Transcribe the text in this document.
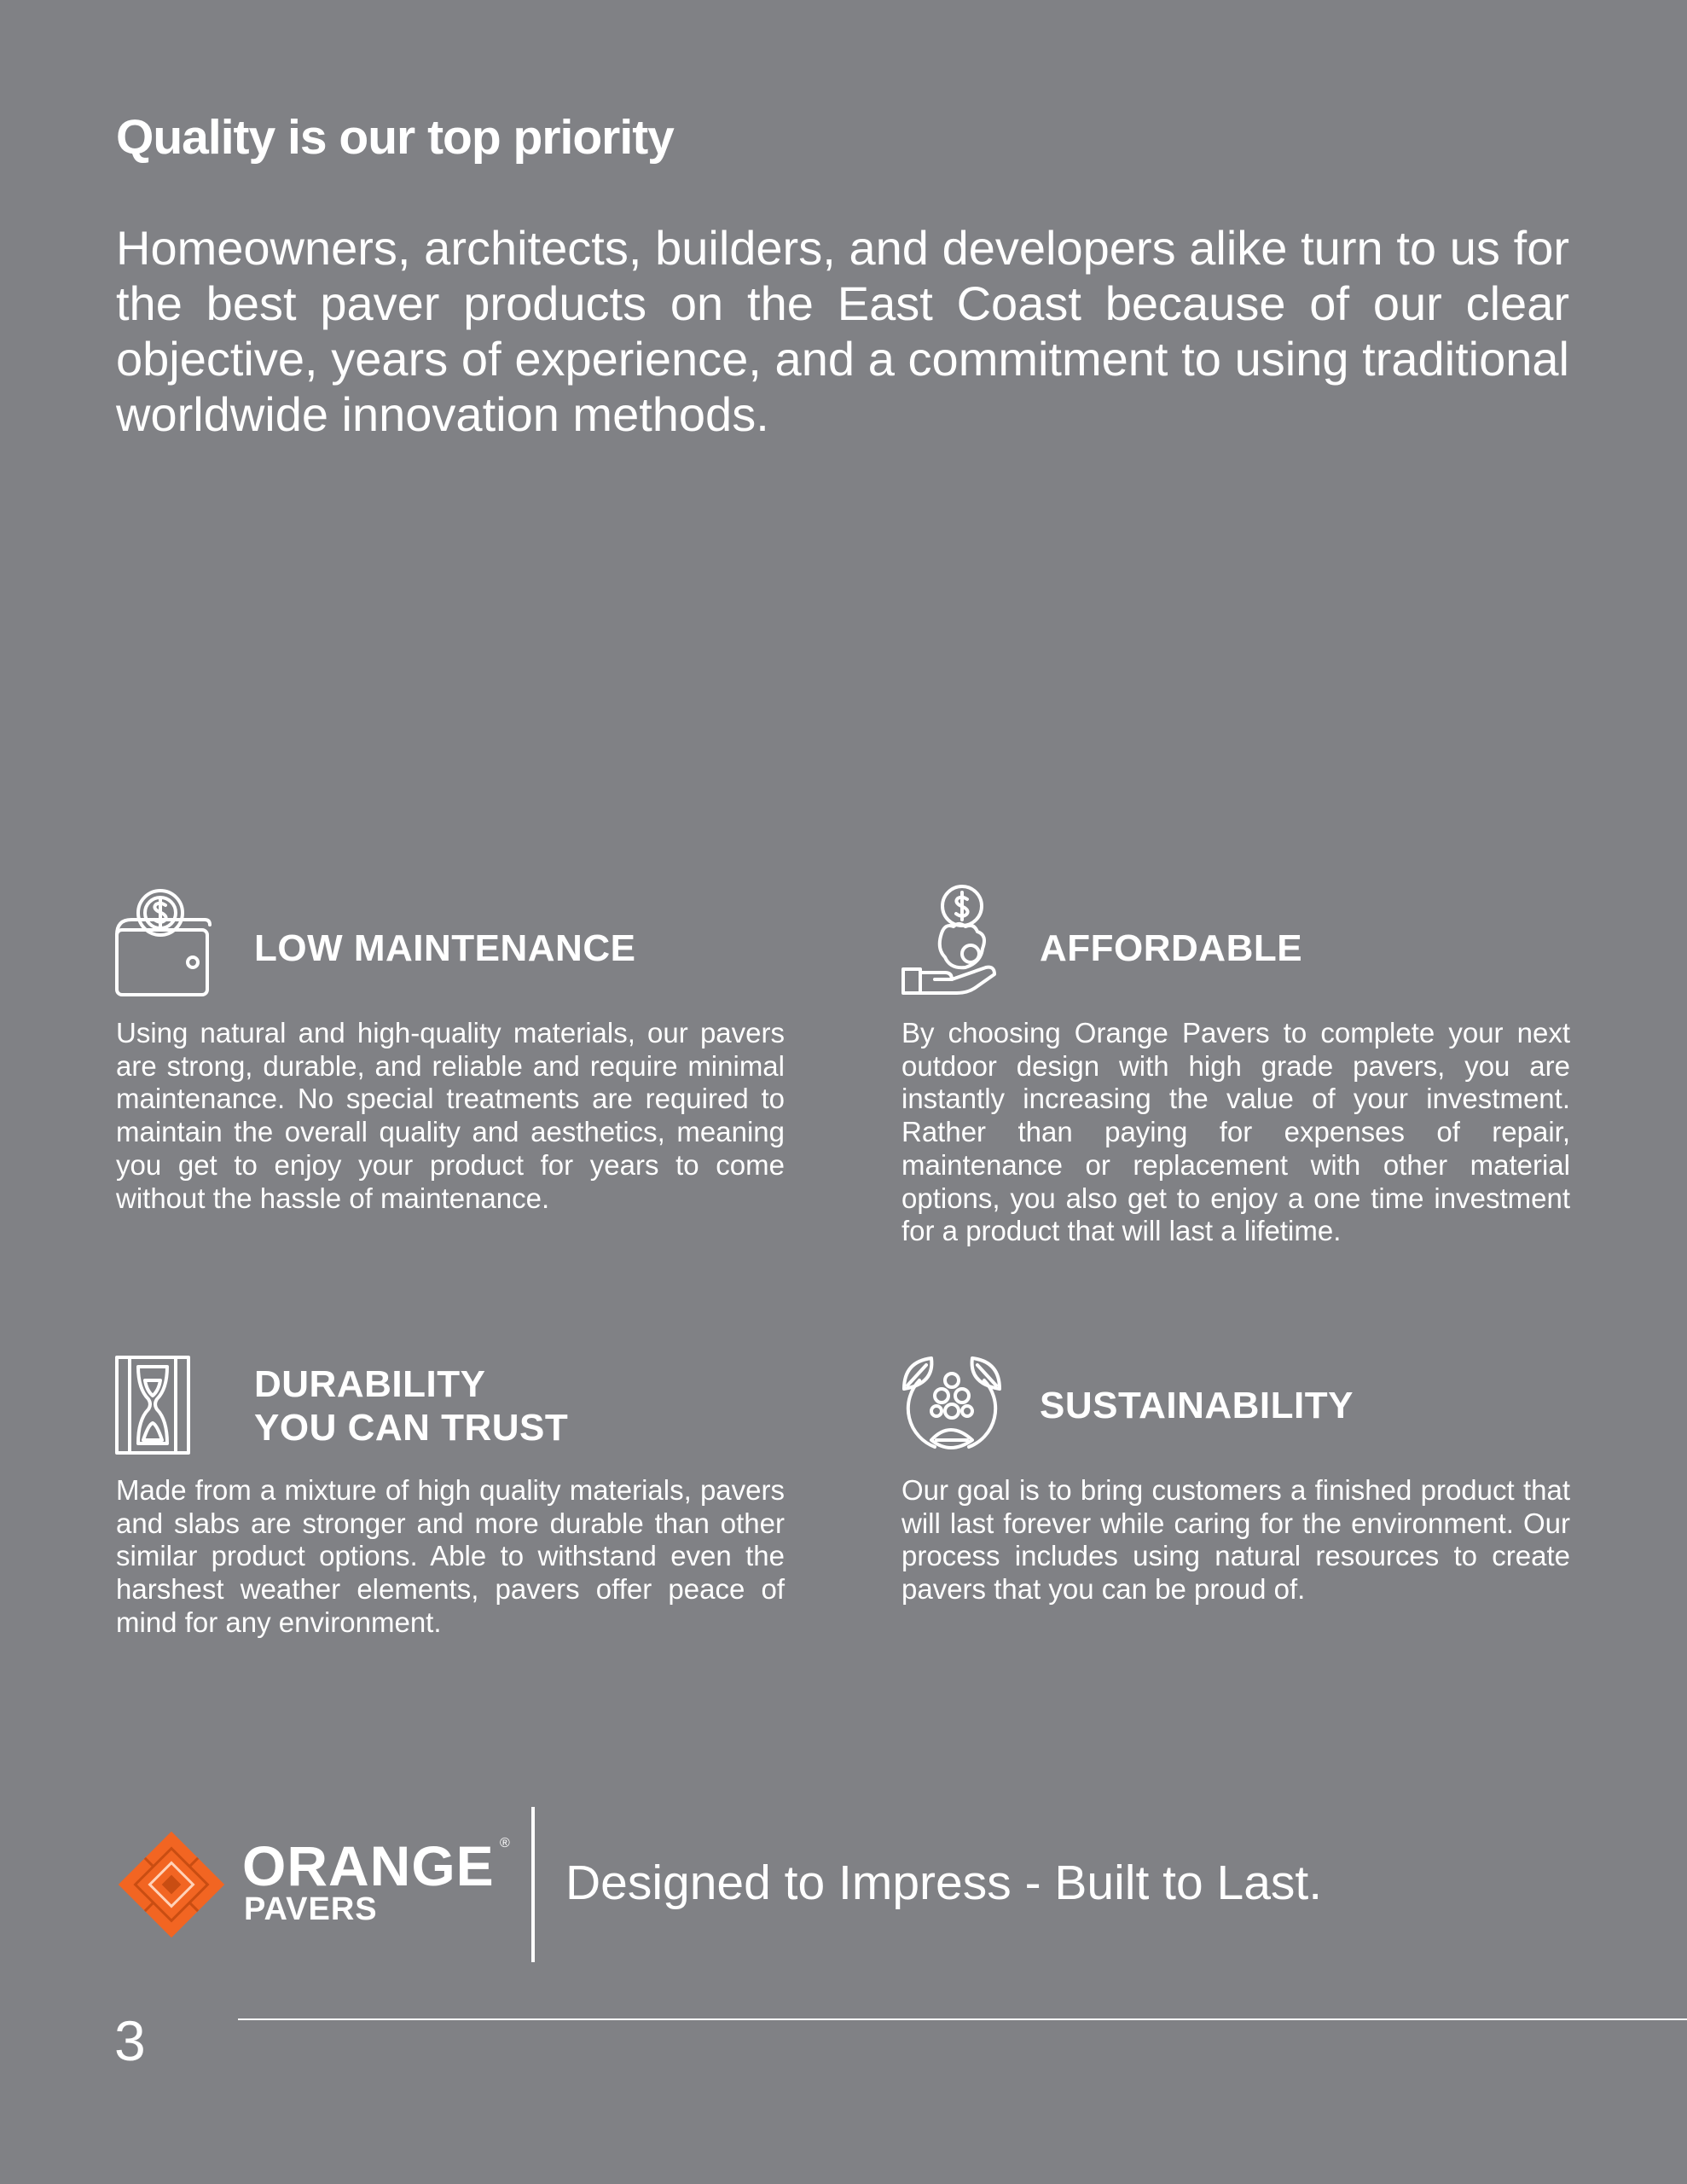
Quality is our top priority

Homeowners, architects, builders, and developers alike turn to us for the best paver products on the East Coast because of our clear objective, years of experience, and a commitment to using traditional worldwide innovation methods.

LOW MAINTENANCE

Using natural and high-quality materials, our pavers are strong, durable, and reliable and require minimal maintenance. No special treatments are required to maintain the overall quality and aesthetics, meaning you get to enjoy your product for years to come without the hassle of maintenance.

AFFORDABLE

By choosing Orange Pavers to complete your next outdoor design with high grade pavers, you are instantly increasing the value of your investment. Rather than paying for expenses of repair, maintenance or replacement with other material options, you also get to enjoy a one time investment for a product that will last a lifetime.

DURABILITY
YOU CAN TRUST

Made from a mixture of high quality materials, pavers and slabs are stronger and more durable than other similar product options. Able to withstand even the harshest weather elements, pavers offer peace of mind for any environment.

SUSTAINABILITY

Our goal is to bring customers a finished product that will last forever while caring for the environment. Our process includes using natural resources to create pavers that you can be proud of.

ORANGE ®
PAVERS	Designed to Impress - Built to Last.
3
